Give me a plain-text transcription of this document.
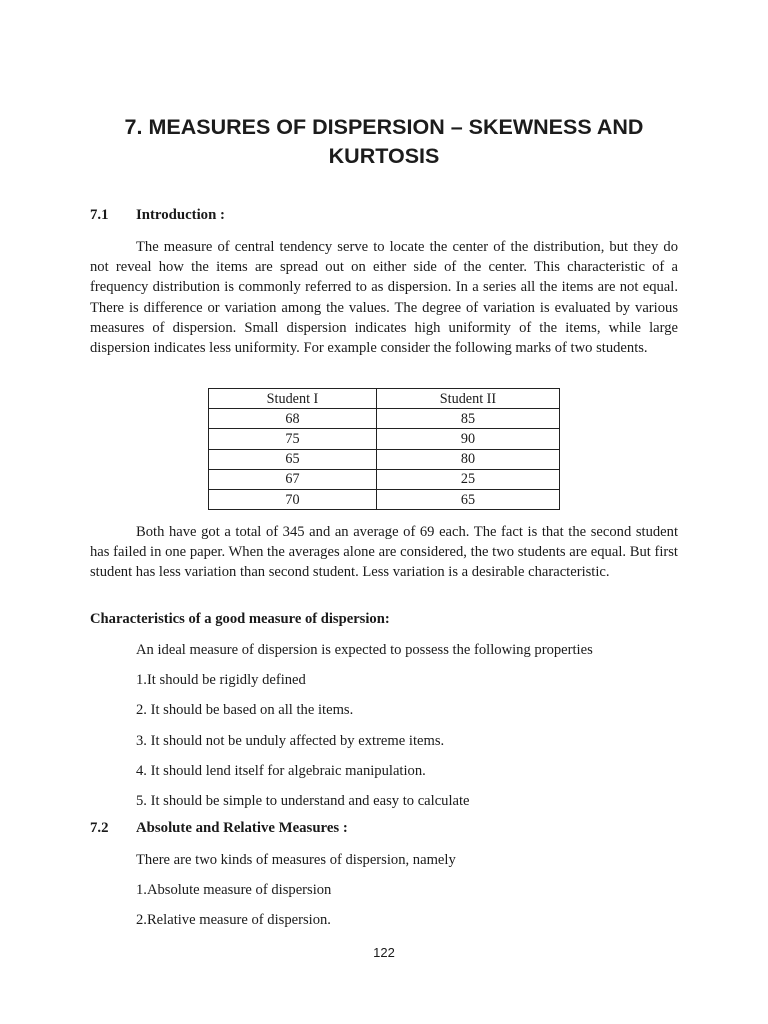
7. MEASURES OF DISPERSION – SKEWNESS AND KURTOSIS

7.1 Introduction :

The measure of central tendency serve to locate the center of the distribution, but they do not reveal how the items are spread out on either side of the center. This characteristic of a frequency distribution is commonly referred to as dispersion. In a series all the items are not equal. There is difference or variation among the values. The degree of variation is evaluated by various measures of dispersion. Small dispersion indicates high uniformity of the items, while large dispersion indicates less uniformity. For example consider the following marks of two students.

Student I	Student II
68	85
75	90
65	80
67	25
70	65

Both have got a total of 345 and an average of 69 each. The fact is that the second student has failed in one paper. When the averages alone are considered, the two students are equal. But first student has less variation than second student. Less variation is a desirable characteristic.

Characteristics of a good measure of dispersion:

An ideal measure of dispersion is expected to possess the following properties

1.It should be rigidly defined

2. It should be based on all the items.

3. It should not be unduly affected by extreme items.

4. It should lend itself for algebraic manipulation.

5. It should be simple to understand and easy to calculate

7.2 Absolute and Relative Measures :

There are two kinds of measures of dispersion, namely

1.Absolute measure of dispersion

2.Relative measure of dispersion.

122
